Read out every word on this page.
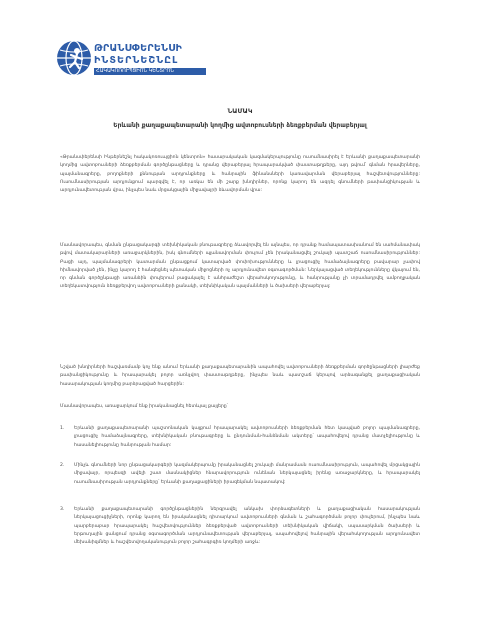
ԹՐԱՆՍՓԵՐԵՆՍԻ
ԻՆՏԵՐՆԵՇՆԸԼ
ՀԱԿԱԿՈՌՈՒՊՑԻՈՆ ԿԵՆՏՐՈՆ
ՆԱՄԱԿ
Երևանի քաղաքապետարանի կողմից ավտոբուսների ձեռքբերման վերաբերյալ
«Թրանսփերենսի Ինթերնեշնլ հակակոռուպցիոն կենտրոն» հասարակական կազմակերպությունը ուսումնասիրել է Երևանի քաղաքապետարանի կողմից ավտոբուսների ձեռքբերման գործընթացները և դրանց վերաբերյալ հրապարակված փաստաթղթերը, այդ թվում՝ գնման հրավերները, պայմանագրերը, բողոքների քննության արդյունքները և հանրային ֆինանսների կառավարման վերաբերյալ հաշվետվությունները: Ուսումնասիրության արդյունքում պարզվել է, որ առկա են մի շարք խնդիրներ, որոնք կարող են ազդել գնումների թափանցիկության և արդյունավետության վրա, ինչպես նաև մրցակցային միջավայրի ձևավորման վրա:
Մասնավորապես, գնման ընթացակարգի տեխնիկական բնութագրերը ձևավորվել են այնպես, որ դրանք համապատասխանում են սահմանափակ թվով մատակարարների առաջարկներին, իսկ գնումների պլանավորման փուլում չեն իրականացվել շուկայի պատշաճ ուսումնասիրություններ: Բացի այդ, պայմանագրերի կատարման ընթացքում կատարված փոփոխությունները և լրացուցիչ համաձայնագրերը բավարար չափով հիմնավորված չեն, ինչը կարող է հանգեցնել պետական միջոցների ոչ արդյունավետ օգտագործման: Ներկայացված տեղեկությունները վկայում են, որ գնման գործընթացի առանձին փուլերում բացակայել է անհրաժեշտ վերահսկողությունը, և հանրությանը չի տրամադրվել ամբողջական տեղեկատվություն ձեռքբերվող ավտոբուսների քանակի, տեխնիկական պայմանների և ծախսերի վերաբերյալ:
Նշված խնդիրների հաշվառմամբ կոչ ենք անում Երևանի քաղաքապետարանին ապահովել ավտոբուսների ձեռքբերման գործընթացների լիարժեք թափանցիկությունը և հրապարակել բոլոր առնչվող փաստաթղթերը, ինչպես նաև պատշաճ կերպով արձագանքել քաղաքացիական հասարակության կողմից բարձրացված հարցերին:
Մասնավորապես, առաջարկում ենք իրականացնել հետևյալ քայլերը՝
1.	Երևանի քաղաքապետարանի պաշտոնական կայքում հրապարակել ավտոբուսների ձեռքբերման հետ կապված բոլոր պայմանագրերը, լրացուցիչ համաձայնագրերը, տեխնիկական բնութագրերը և ընդունման-հանձնման ակտերը՝ ապահովելով դրանց մատչելիությունը և հասանելիությունը հանրության համար:
2.	Մինչև գնումների նոր ընթացակարգերի կազմակերպումը իրականացնել շուկայի մանրամասն ուսումնասիրություն, ապահովել մրցակցային միջավայր, որպեսզի ավելի շատ մասնակիցներ հնարավորություն ունենան ներկայացնել իրենց առաջարկները, և հրապարակել ուսումնասիրության արդյունքները՝ Երևանի քաղաքացիների իրազեկման նպատակով:
3.	Երևանի քաղաքապետարանի գործընթացներին ներգրավել անկախ փորձագետների և քաղաքացիական հասարակության ներկայացուցիչների, որոնք կարող են իրականացնել դիտարկում ավտոբուսների գնման և շահագործման բոլոր փուլերում, ինչպես նաև պարբերաբար հրապարակել հաշվետվություններ ձեռքբերված ավտոբուսների տեխնիկական վիճակի, սպասարկման ծախսերի և երթուղային ցանցում դրանց օգտագործման արդյունավետության վերաբերյալ, ապահովելով հանրային վերահսկողության արդյունավետ մեխանիզմներ և հաշվետվողականություն բոլոր շահագրգիռ կողմերի առջև:
